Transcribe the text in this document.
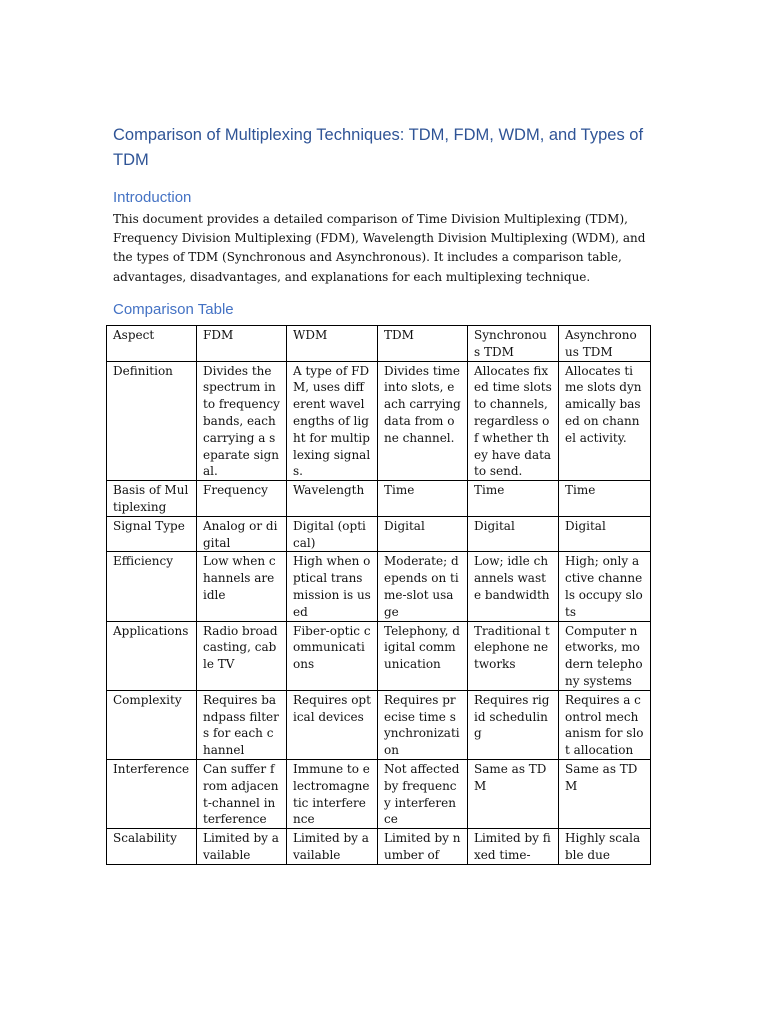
Comparison of Multiplexing Techniques: TDM, FDM, WDM, and Types of TDM
Introduction

This document provides a detailed comparison of Time Division Multiplexing (TDM), Frequency Division Multiplexing (FDM), Wavelength Division Multiplexing (WDM), and the types of TDM (Synchronous and Asynchronous). It includes a comparison table, advantages, disadvantages, and explanations for each multiplexing technique.

Comparison Table
Aspect	FDM	WDM	TDM	Synchronous TDM	Asynchronous TDM
Definition	Divides the spectrum into frequency bands, each carrying a separate signal.	A type of FDM, uses different wavelengths of light for multiplexing signals.	Divides time into slots, each carrying data from one channel.	Allocates fixed time slots to channels, regardless of whether they have data to send.	Allocates time slots dynamically based on channel activity.
Basis of Multiplexing	Frequency	Wavelength	Time	Time	Time
Signal Type	Analog or digital	Digital (optical)	Digital	Digital	Digital
Efficiency	Low when channels are idle	High when optical transmission is used	Moderate; depends on time-slot usage	Low; idle channels waste bandwidth	High; only active channels occupy slots
Applications	Radio broadcasting, cable TV	Fiber-optic communications	Telephony, digital communication	Traditional telephone networks	Computer networks, modern telephony systems
Complexity	Requires bandpass filters for each channel	Requires optical devices	Requires precise time synchronization	Requires rigid scheduling	Requires a control mechanism for slot allocation
Interference	Can suffer from adjacent-channel interference	Immune to electromagnetic interference	Not affected by frequency interference	Same as TDM	Same as TDM
Scalability	Limited by available	Limited by available	Limited by number of	Limited by fixed time-	Highly scalable due
